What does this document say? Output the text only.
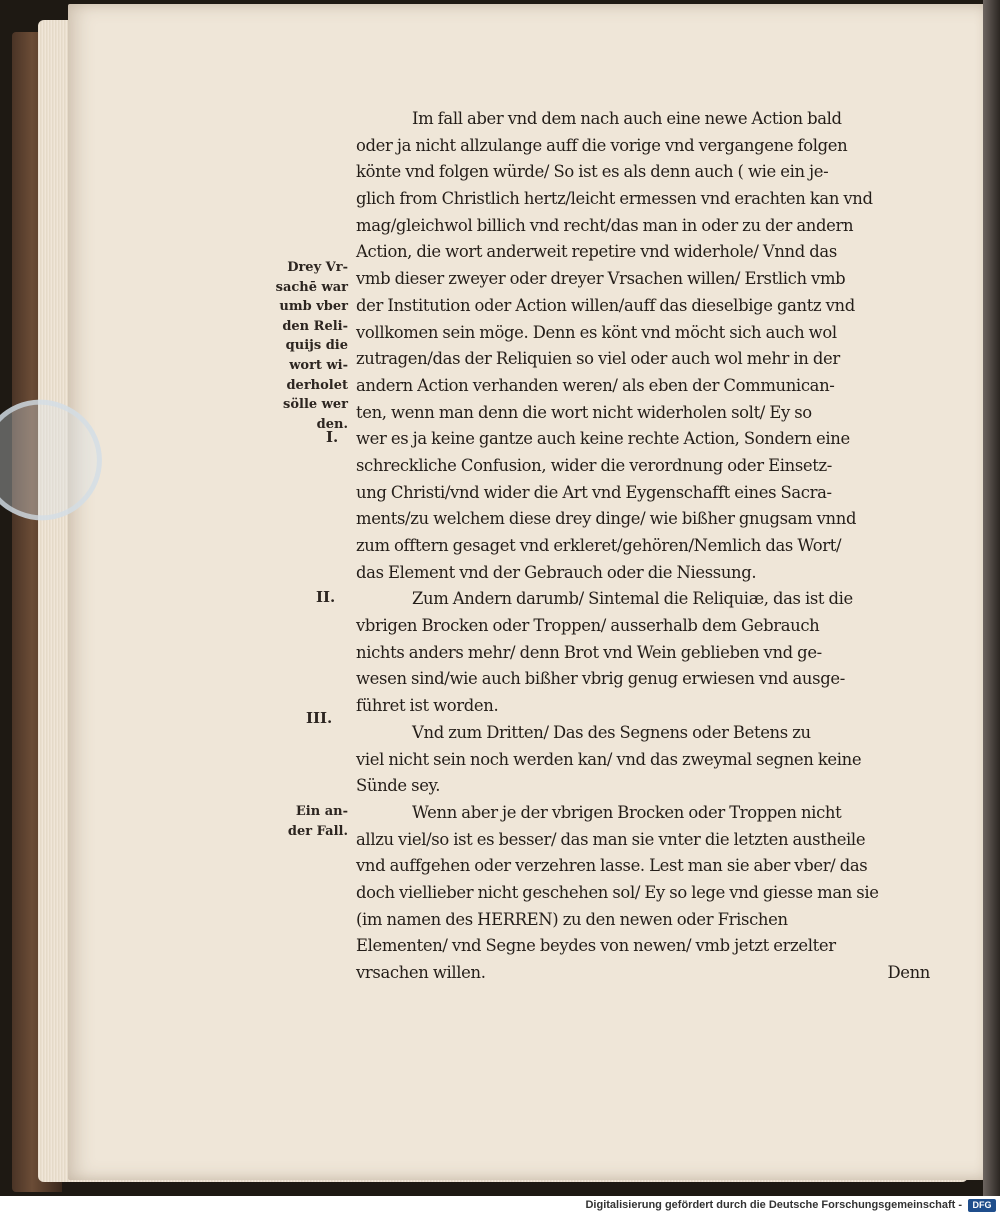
Drey Vr-
sachē war
umb vber
den Reli-
quijs die
wort wi-
derholet
sölle wer
den.
I.
II.
III.
Ein an-
der Fall.
Im fall aber vnd dem nach auch eine newe Action bald
oder ja nicht allzulange auff die vorige vnd vergangene folgen
könte vnd folgen würde/ So ist es als denn auch ( wie ein je-
glich from Christlich hertz/leicht ermessen vnd erachten kan vnd
mag/gleichwol billich vnd recht/das man in oder zu der andern
Action, die wort anderweit repetire vnd widerhole/ Vnnd das
vmb dieser zweyer oder dreyer Vrsachen willen/ Erstlich vmb
der Institution oder Action willen/auff das dieselbige gantz vnd
vollkomen sein möge. Denn es könt vnd möcht sich auch wol
zutragen/das der Reliquien so viel oder auch wol mehr in der
andern Action verhanden weren/ als eben der Communican-
ten, wenn man denn die wort nicht widerholen solt/ Ey so
wer es ja keine gantze auch keine rechte Action, Sondern eine
schreckliche Confusion, wider die verordnung oder Einsetz-
ung Christi/vnd wider die Art vnd Eygenschafft eines Sacra-
ments/zu welchem diese drey dinge/ wie bißher gnugsam vnnd
zum offtern gesaget vnd erkleret/gehören/Nemlich das Wort/
das Element vnd der Gebrauch oder die Niessung.
Zum Andern darumb/ Sintemal die Reliquiæ, das ist die
vbrigen Brocken oder Troppen/ ausserhalb dem Gebrauch
nichts anders mehr/ denn Brot vnd Wein geblieben vnd ge-
wesen sind/wie auch bißher vbrig genug erwiesen vnd ausge-
führet ist worden.
Vnd zum Dritten/ Das des Segnens oder Betens zu
viel nicht sein noch werden kan/ vnd das zweymal segnen keine
Sünde sey.
Wenn aber je der vbrigen Brocken oder Troppen nicht
allzu viel/so ist es besser/ das man sie vnter die letzten austheile
vnd auffgehen oder verzehren lasse. Lest man sie aber vber/ das
doch viellieber nicht geschehen sol/ Ey so lege vnd giesse man sie
(im namen des HERREN) zu den newen oder Frischen
Elementen/ vnd Segne beydes von newen/ vmb jetzt erzelter
vrsachen willen.	Denn
Digitalisierung gefördert durch die Deutsche Forschungsgemeinschaft -	DFG
